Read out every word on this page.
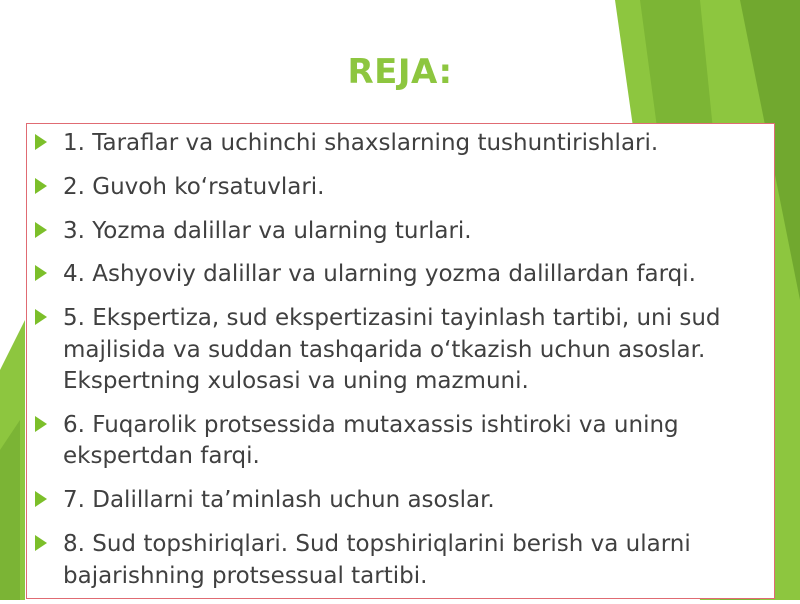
REJA:
1. Taraflar va uchinchi shaxslarning tushuntirishlari.
2. Guvoh ko‘rsatuvlari.
3. Yozma dalillar va ularning turlari.
4. Ashyoviy dalillar va ularning yozma dalillardan farqi.
5. Ekspertiza, sud ekspertizasini tayinlash tartibi, uni sud majlisida va suddan tashqarida o‘tkazish uchun asoslar. Ekspertning xulosasi va uning mazmuni.
6. Fuqarolik protsessida mutaxassis ishtiroki va uning ekspertdan farqi.
7. Dalillarni ta’minlash uchun asoslar.
8. Sud topshiriqlari. Sud topshiriqlarini berish va ularni bajarishning protsessual tartibi.
